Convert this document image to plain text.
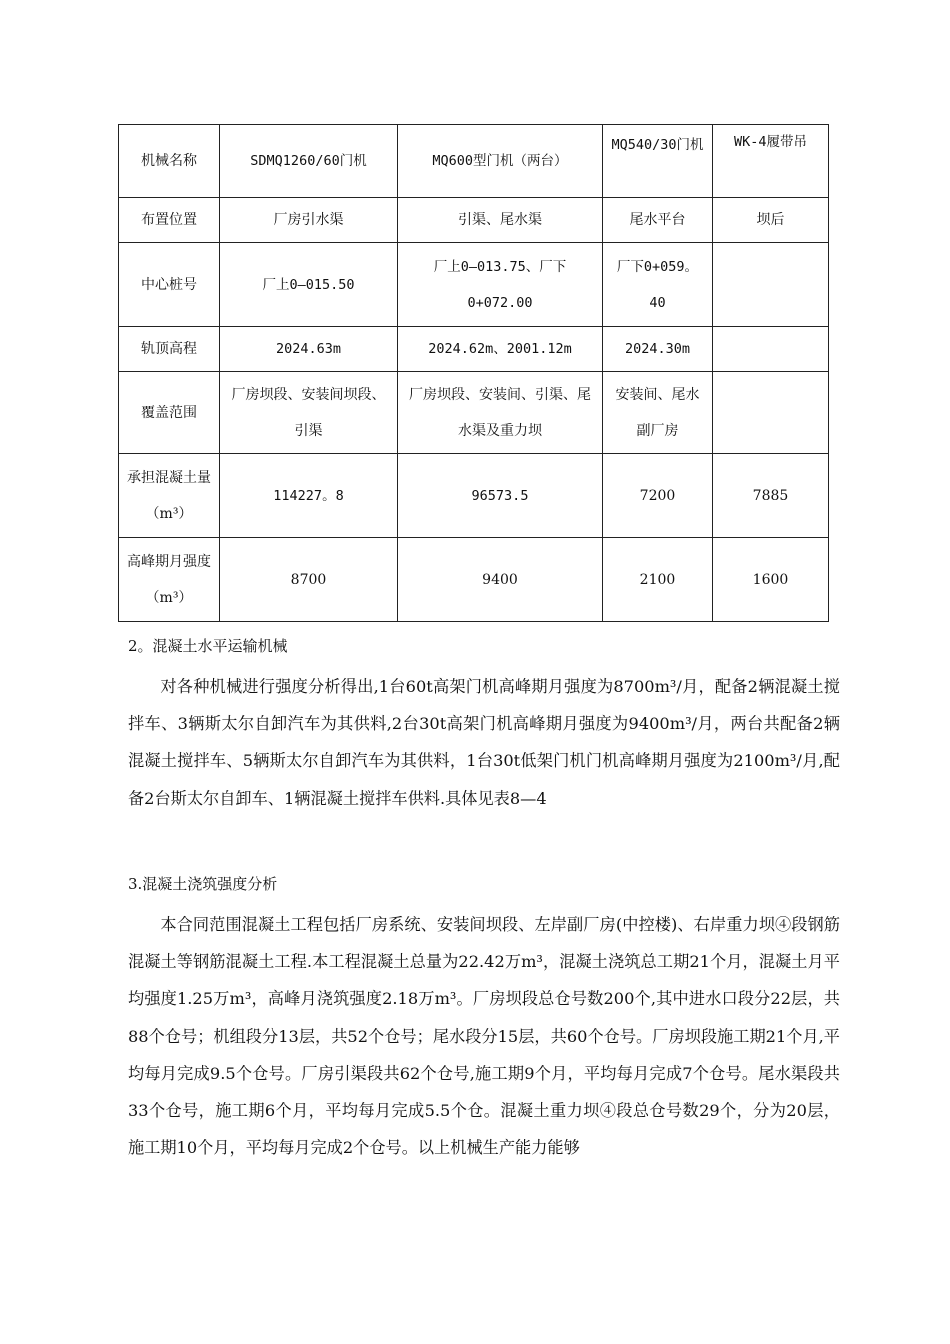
机械名称	SDMQ1260/60门机	MQ600型门机（两台）	MQ540/30门机	WK-4履带吊
布置位置	厂房引水渠	引渠、尾水渠	尾水平台	坝后
中心桩号	厂上0—015.50	厂上0—013.75、厂下0+072.00	厂下0+059。40	
轨顶高程	2024.63m	2024.62m、2001.12m	2024.30m	
覆盖范围	厂房坝段、安装间坝段、引渠	厂房坝段、安装间、引渠、尾水渠及重力坝	安装间、尾水副厂房	
承担混凝土量（m³）	114227。8	96573.5	7200	7885
高峰期月强度（m³）	8700	9400	2100	1600
2。混凝土水平运输机械

对各种机械进行强度分析得出,1台60t高架门机高峰期月强度为8700m³/月，配备2辆混凝土搅拌车、3辆斯太尔自卸汽车为其供料,2台30t高架门机高峰期月强度为9400m³/月，两台共配备2辆混凝土搅拌车、5辆斯太尔自卸汽车为其供料，1台30t低架门机门机高峰期月强度为2100m³/月,配备2台斯太尔自卸车、1辆混凝土搅拌车供料.具体见表8—4

3.混凝土浇筑强度分析

本合同范围混凝土工程包括厂房系统、安装间坝段、左岸副厂房(中控楼)、右岸重力坝④段钢筋混凝土等钢筋混凝土工程.本工程混凝土总量为22.42万m³，混凝土浇筑总工期21个月，混凝土月平均强度1.25万m³，高峰月浇筑强度2.18万m³。厂房坝段总仓号数200个,其中进水口段分22层，共88个仓号；机组段分13层，共52个仓号；尾水段分15层，共60个仓号。厂房坝段施工期21个月,平均每月完成9.5个仓号。厂房引渠段共62个仓号,施工期9个月，平均每月完成7个仓号。尾水渠段共33个仓号，施工期6个月，平均每月完成5.5个仓。混凝土重力坝④段总仓号数29个，分为20层，施工期10个月，平均每月完成2个仓号。以上机械生产能力能够
